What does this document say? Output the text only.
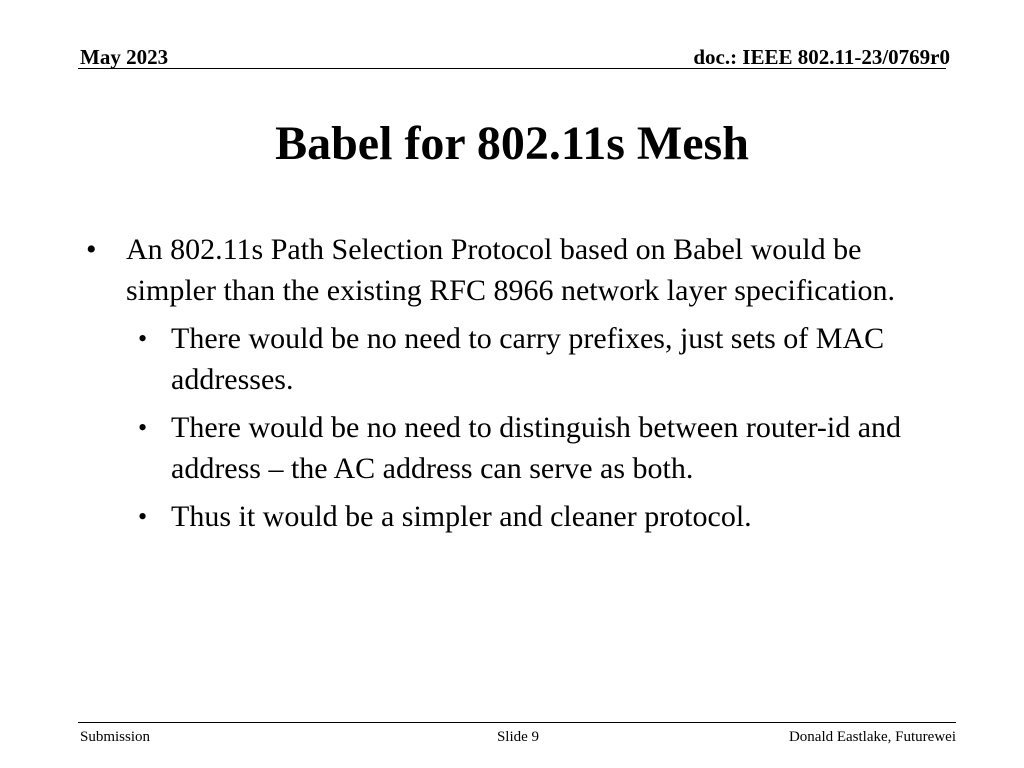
May 2023	doc.: IEEE 802.11-23/0769r0
Babel for 802.11s Mesh
• An 802.11s Path Selection Protocol based on Babel would be simpler than the existing RFC 8966 network layer specification.
• There would be no need to carry prefixes, just sets of MAC addresses.
• There would be no need to distinguish between router-id and address – the AC address can serve as both.
• Thus it would be a simpler and cleaner protocol.
Submission	Slide 9	Donald Eastlake, Futurewei
